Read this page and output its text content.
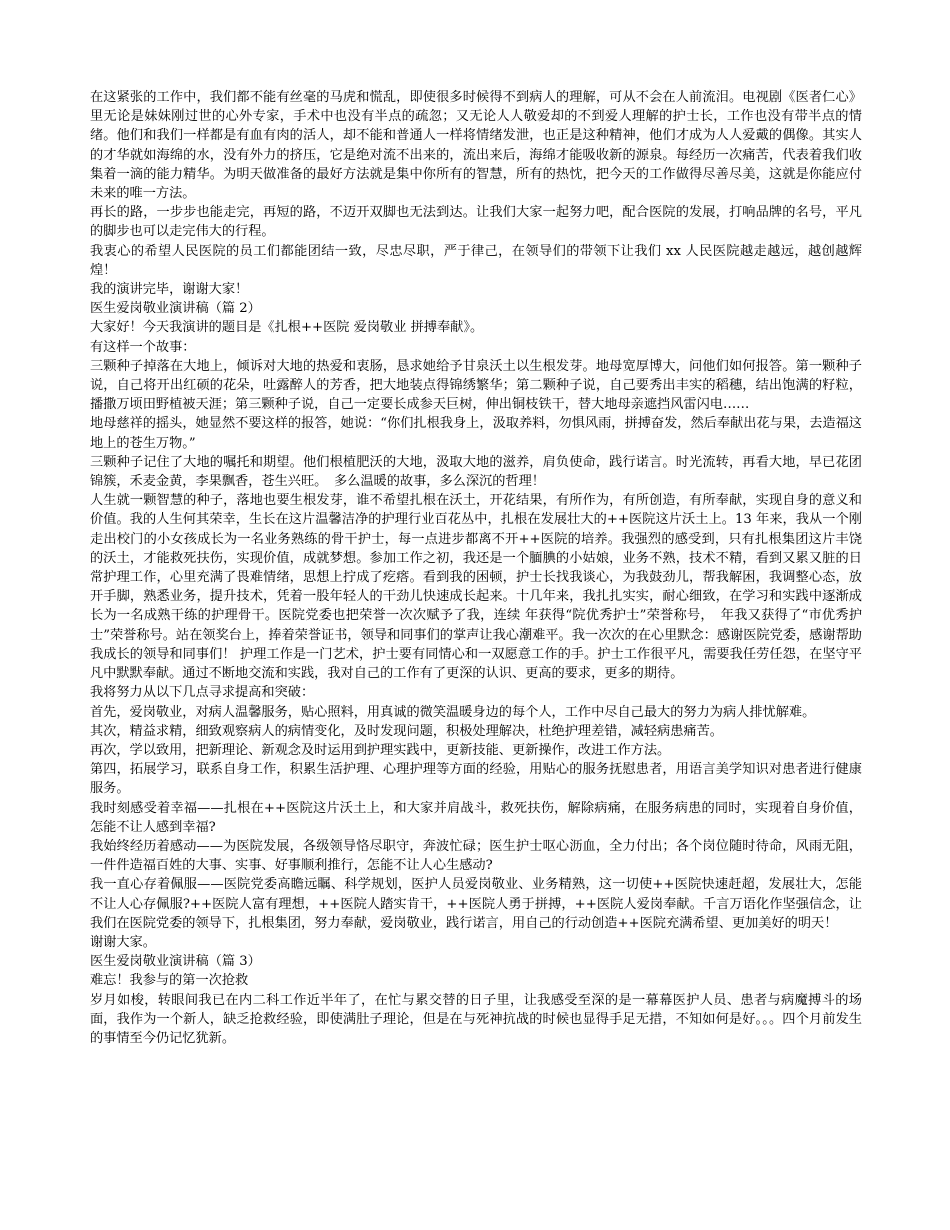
在这紧张的工作中，我们都不能有丝毫的马虎和慌乱，即使很多时候得不到病人的理解，可从不会在人前流泪。电视剧《医者仁心》里无论是妹妹刚过世的心外专家，手术中也没有半点的疏忽；又无论人人敬爱却的不到爱人理解的护士长，工作也没有带半点的情绪。他们和我们一样都是有血有肉的活人，却不能和普通人一样将情绪发泄，也正是这种精神，他们才成为人人爱戴的偶像。其实人的才华就如海绵的水，没有外力的挤压，它是绝对流不出来的，流出来后，海绵才能吸收新的源泉。每经历一次痛苦，代表着我们收集着一滴的能力精华。为明天做准备的最好方法就是集中你所有的智慧，所有的热忱，把今天的工作做得尽善尽美，这就是你能应付未来的唯一方法。

再长的路，一步步也能走完，再短的路，不迈开双脚也无法到达。让我们大家一起努力吧，配合医院的发展，打响品牌的名号，平凡的脚步也可以走完伟大的行程。

我衷心的希望人民医院的员工们都能团结一致，尽忠尽职，严于律己，在领导们的带领下让我们 xx 人民医院越走越远，越创越辉煌！

我的演讲完毕，谢谢大家！

医生爱岗敬业演讲稿（篇 2）

大家好！今天我演讲的题目是《扎根++医院 爱岗敬业 拼搏奉献》。

有这样一个故事：

三颗种子掉落在大地上，倾诉对大地的热爱和衷肠，恳求她给予甘泉沃土以生根发芽。地母宽厚博大，问他们如何报答。第一颗种子说，自己将开出红硕的花朵，吐露醉人的芳香，把大地装点得锦绣繁华；第二颗种子说，自己要秀出丰实的稻穗，结出饱满的籽粒，播撒万顷田野植被天涯；第三颗种子说，自己一定要长成参天巨树，伸出铜枝铁干，替大地母亲遮挡风雷闪电……

地母慈祥的摇头，她显然不要这样的报答，她说：“你们扎根我身上，汲取养料，勿惧风雨，拼搏奋发，然后奉献出花与果，去造福这地上的苍生万物。”

三颗种子记住了大地的嘱托和期望。他们根植肥沃的大地，汲取大地的滋养，肩负使命，践行诺言。时光流转，再看大地，早已花团锦簇，禾麦金黄，李果飘香，苍生兴旺。　多么温暖的故事，多么深沉的哲理！

人生就一颗智慧的种子，落地也要生根发芽，谁不希望扎根在沃土，开花结果，有所作为，有所创造，有所奉献，实现自身的意义和价值。我的人生何其荣幸，生长在这片温馨洁净的护理行业百花丛中，扎根在发展壮大的++医院这片沃土上。13 年来，我从一个刚走出校门的小女孩成长为一名业务熟练的骨干护士，每一点进步都离不开++医院的培养。我强烈的感受到，只有扎根集团这片丰饶的沃土，才能救死扶伤，实现价值，成就梦想。参加工作之初，我还是一个腼腆的小姑娘，业务不熟，技术不精，看到又累又脏的日常护理工作，心里充满了畏难情绪，思想上拧成了疙瘩。看到我的困顿，护士长找我谈心，为我鼓劲儿，帮我解困，我调整心态，放开手脚，熟悉业务，提升技术，凭着一股年轻人的干劲儿快速成长起来。十几年来，我扎扎实实，耐心细致，在学习和实践中逐渐成长为一名成熟干练的护理骨干。医院党委也把荣誉一次次赋予了我，连续 年获得“院优秀护士”荣誉称号，　年我又获得了“市优秀护士”荣誉称号。站在领奖台上，捧着荣誉证书，领导和同事们的掌声让我心潮难平。我一次次的在心里默念：感谢医院党委，感谢帮助我成长的领导和同事们！ 护理工作是一门艺术，护士要有同情心和一双愿意工作的手。护士工作很平凡，需要我任劳任怨，在坚守平凡中默默奉献。通过不断地交流和实践，我对自己的工作有了更深的认识、更高的要求，更多的期待。

我将努力从以下几点寻求提高和突破：

首先，爱岗敬业，对病人温馨服务，贴心照料，用真诚的微笑温暖身边的每个人，工作中尽自己最大的努力为病人排忧解难。

其次，精益求精，细致观察病人的病情变化，及时发现问题，积极处理解决，杜绝护理差错，减轻病患痛苦。

再次，学以致用，把新理论、新观念及时运用到护理实践中，更新技能、更新操作，改进工作方法。

第四，拓展学习，联系自身工作，积累生活护理、心理护理等方面的经验，用贴心的服务抚慰患者，用语言美学知识对患者进行健康服务。

我时刻感受着幸福——扎根在++医院这片沃土上，和大家并肩战斗，救死扶伤，解除病痛，在服务病患的同时，实现着自身价值，怎能不让人感到幸福?

我始终经历着感动——为医院发展，各级领导恪尽职守，奔波忙碌；医生护士呕心沥血，全力付出；各个岗位随时待命，风雨无阻，一件件造福百姓的大事、实事、好事顺利推行，怎能不让人心生感动?

我一直心存着佩服——医院党委高瞻远瞩、科学规划，医护人员爱岗敬业、业务精熟，这一切使++医院快速赶超，发展壮大，怎能不让人心存佩服?++医院人富有理想，++医院人踏实肯干，++医院人勇于拼搏，++医院人爱岗奉献。千言万语化作坚强信念，让我们在医院党委的领导下，扎根集团，努力奉献，爱岗敬业，践行诺言，用自己的行动创造++医院充满希望、更加美好的明天！

谢谢大家。

医生爱岗敬业演讲稿（篇 3）

难忘！我参与的第一次抢救

岁月如梭，转眼间我已在内二科工作近半年了，在忙与累交替的日子里，让我感受至深的是一幕幕医护人员、患者与病魔搏斗的场面，我作为一个新人，缺乏抢救经验，即使满肚子理论，但是在与死神抗战的时候也显得手足无措，不知如何是好。。。四个月前发生的事情至今仍记忆犹新。
